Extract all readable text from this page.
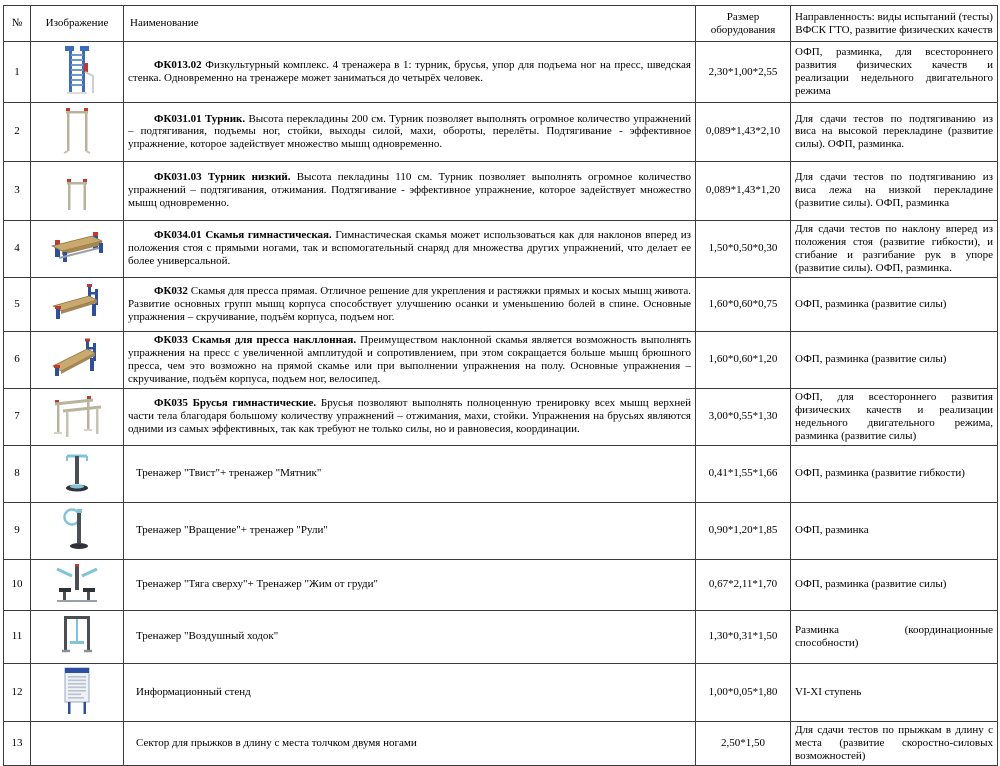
№	Изображение	Наименование	Размер оборудования	Направленность: виды испытаний (тесты) ВФСК ГТО, развитие физических качеств
1		ФК013.02 Физкультурный комплекс. 4 тренажера в 1: турник, брусья, упор для подъема ног на пресс, шведская стенка. Одновременно на тренажере может заниматься до четырёх человек.	2,30*1,00*2,55	ОФП, разминка, для всестороннего развития физических качеств и реализации недельного двигательного режима
2		ФК031.01 Турник. Высота перекладины 200 см. Турник позволяет выполнять огромное количество упражнений – подтягивания, подъемы ног, стойки, выходы силой, махи, обороты, перелёты. Подтягивание - эффективное упражнение, которое задействует множество мышц одновременно.	0,089*1,43*2,10	Для сдачи тестов по подтягиванию из виса на высокой перекладине (развитие силы). ОФП, разминка.
3		ФК031.03 Турник низкий. Высота пекладины 110 см. Турник позволяет выполнять огромное количество упражнений – подтягивания, отжимания. Подтягивание - эффективное упражнение, которое задействует множество мышц одновременно.	0,089*1,43*1,20	Для сдачи тестов по подтягиванию из виса лежа на низкой перекладине (развитие силы). ОФП, разминка
4		ФК034.01 Скамья гимнастическая. Гимнастическая скамья может использоваться как для наклонов вперед из положения стоя с прямыми ногами, так и вспомогательный снаряд для множества других упражнений, что делает ее более универсальной.	1,50*0,50*0,30	Для сдачи тестов по наклону вперед из положения стоя (развитие гибкости), и сгибание и разгибание рук в упоре (развитие силы). ОФП, разминка.
5		ФК032 Скамья для пресса прямая. Отличное решение для укрепления и растяжки прямых и косых мышц живота. Развитие основных групп мышц корпуса способствует улучшению осанки и уменьшению болей в спине. Основные упражнения – скручивание, подъём корпуса, подъем ног.	1,60*0,60*0,75	ОФП, разминка (развитие силы)
6		ФК033 Скамья для пресса накллонная. Преимуществом наклонной скамья является возможность выполнять упражнения на пресс с увеличенной амплитудой и сопротивлением, при этом сокращается больше мышц брюшного пресса, чем это возможно на прямой скамье или при выполнении упражнения на полу. Основные упражнения – скручивание, подъём корпуса, подъем ног, велосипед.	1,60*0,60*1,20	ОФП, разминка (развитие силы)
7		ФК035 Брусья гимнастические. Брусья позволяют выполнять полноценную тренировку всех мышц верхней части тела благодаря большому количеству упражнений – отжимания, махи, стойки. Упражнения на брусьях являются одними из самых эффективных, так как требуют не только силы, но и равновесия, координации.	3,00*0,55*1,30	ОФП, для всестороннего развития физических качеств и реализации недельного двигательного режима, разминка (развитие силы)
8		Тренажер "Твист"+ тренажер "Мятник"	0,41*1,55*1,66	ОФП, разминка (развитие гибкости)
9		Тренажер "Вращение"+ тренажер "Рули"	0,90*1,20*1,85	ОФП, разминка
10		Тренажер "Тяга сверху"+ Тренажер "Жим от груди"	0,67*2,11*1,70	ОФП, разминка (развитие силы)
11		Тренажер "Воздушный ходок"	1,30*0,31*1,50	Разминка (координационные способности)
12		Информационный стенд	1,00*0,05*1,80	VI-XI ступень
13		Сектор для прыжков в длину с места толчком двумя ногами	2,50*1,50	Для сдачи тестов по прыжкам в длину с места (развитие скоростно-силовых возможностей)
